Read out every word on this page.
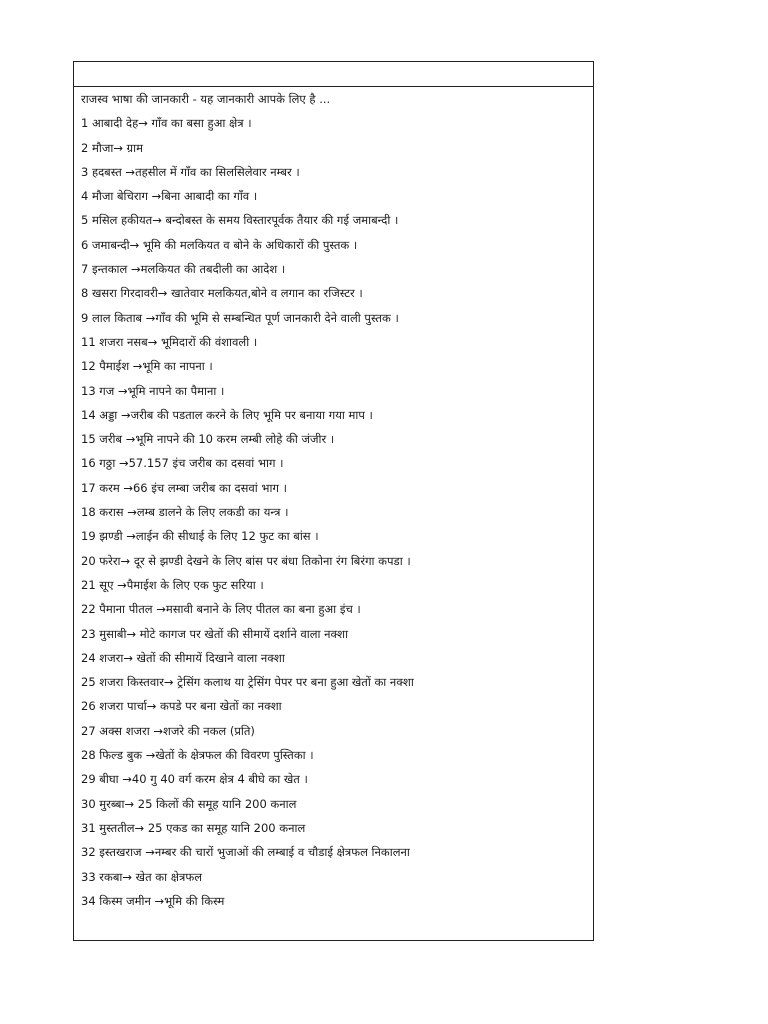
राजस्व भाषा की जानकारी - यह जानकारी आपके लिए है ...
1 आबादी देह→ गाँव का बसा हुआ क्षेत्र ।
2 मौजा→ ग्राम
3 हदबस्त →तहसील में गाँव का सिलसिलेवार नम्बर ।
4 मौजा बेचिराग →बिना आबादी का गाँव ।
5 मसिल हकीयत→ बन्दोबस्त के समय विस्तारपूर्वक तैयार की गई जमाबन्दी ।
6 जमाबन्दी→ भूमि की मलकियत व बोने के अधिकारों की पुस्तक ।
7 इन्तकाल →मलकियत की तबदीली का आदेश ।
8 खसरा गिरदावरी→ खातेवार मलकियत,बोने व लगान का रजिस्टर ।
9 लाल किताब →गाँव की भूमि से सम्बन्धित पूर्ण जानकारी देने वाली पुस्तक ।
11 शजरा नसब→ भूमिदारों की वंशावली ।
12 पैमाईश →भूमि का नापना ।
13 गज →भूमि नापने का पैमाना ।
14 अड्डा →जरीब की पडताल करने के लिए भूमि पर बनाया गया माप ।
15 जरीब →भूमि नापने की 10 करम लम्बी लोहे की जंजीर ।
16 गठ्ठा →57.157 इंच जरीब का दसवां भाग ।
17 करम →66 इंच लम्बा जरीब का दसवां भाग ।
18 करास →लम्ब डालने के लिए लकडी का यन्त्र ।
19 झण्डी →लाईन की सीधाई के लिए 12 फुट का बांस ।
20 फरेरा→ दूर से झण्डी देखने के लिए बांस पर बंधा तिकोना रंग बिरंगा कपडा ।
21 सूए →पैमाईश के लिए एक फुट सरिया ।
22 पैमाना पीतल →मसावी बनाने के लिए पीतल का बना हुआ इंच ।
23 मुसाबी→ मोटे कागज पर खेतों की सीमायें दर्शाने वाला नक्शा
24 शजरा→ खेतों की सीमायें दिखाने वाला नक्शा
25 शजरा किस्तवार→ ट्रेसिंग कलाथ या ट्रेसिंग पेपर पर बना हुआ खेतों का नक्शा
26 शजरा पार्चा→ कपडे पर बना खेतों का नक्शा
27 अक्स शजरा →शजरे की नकल (प्रति)
28 फिल्ड बुक →खेतों के क्षेत्रफल की विवरण पुस्तिका ।
29 बीघा →40 गु 40 वर्ग करम क्षेत्र 4 बीघे का खेत ।
30 मुरब्बा→ 25 किलों की समूह यानि 200 कनाल
31 मुस्ततील→ 25 एकड का समूह यानि 200 कनाल
32 इस्तखराज →नम्बर की चारों भुजाओं की लम्बाई व चौडाई क्षेत्रफल निकालना
33 रकबा→ खेत का क्षेत्रफल
34 किस्म जमीन →भूमि की किस्म
